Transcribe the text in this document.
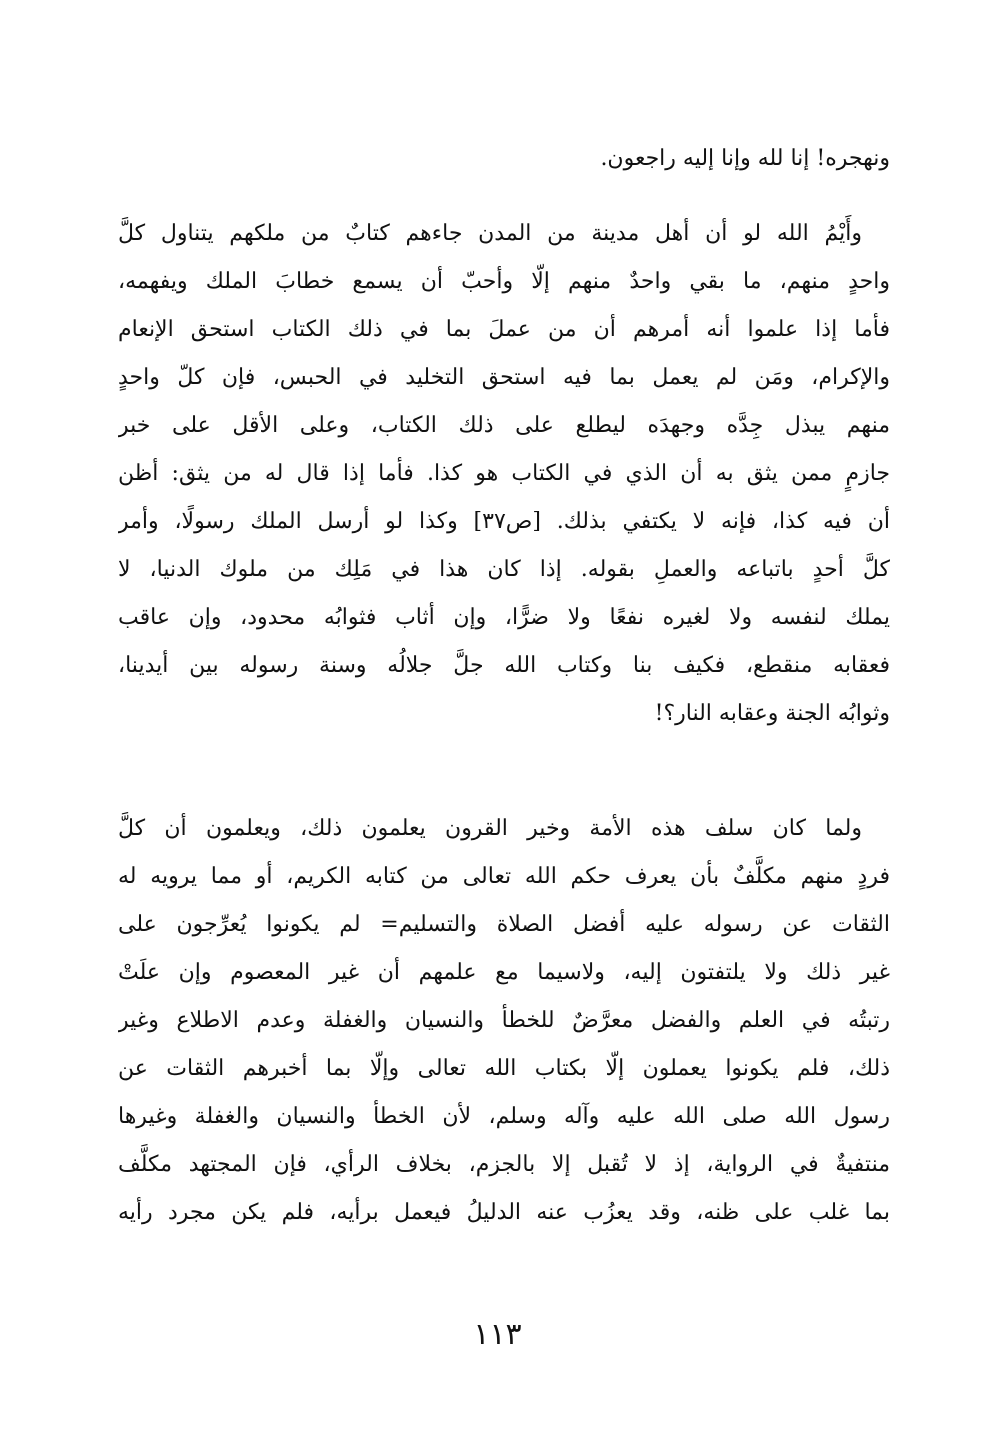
ونهجره! إنا لله وإنا إليه راجعون.
وأَيْمُ الله لو أن أهل مدينة من المدن جاءهم كتابٌ من ملكهم يتناول كلَّ
واحدٍ منهم، ما بقي واحدٌ منهم إلّا وأحبّ أن يسمع خطابَ الملك ويفهمه،
فأما إذا علموا أنه أمرهم أن من عملَ بما في ذلك الكتاب استحق الإنعام
والإكرام، ومَن لم يعمل بما فيه استحق التخليد في الحبس، فإن كلّ واحدٍ
منهم يبذل جِدَّه وجهدَه ليطلع على ذلك الكتاب، وعلى الأقل على خبر
جازمٍ ممن يثق به أن الذي في الكتاب هو كذا. فأما إذا قال له من يثق: أظن
أن فيه كذا، فإنه لا يكتفي بذلك. [ص٣٧] وكذا لو أرسل الملك رسولًا، وأمر
كلَّ أحدٍ باتباعه والعملِ بقوله. إذا كان هذا في مَلِك من ملوك الدنيا، لا
يملك لنفسه ولا لغيره نفعًا ولا ضرًّا، وإن أثاب فثوابُه محدود، وإن عاقب
فعقابه منقطع، فكيف بنا وكتاب الله جلَّ جلالُه وسنة رسوله بين أيدينا،
وثوابُه الجنة وعقابه النار؟!
ولما كان سلف هذه الأمة وخير القرون يعلمون ذلك، ويعلمون أن كلَّ
فردٍ منهم مكلَّفٌ بأن يعرف حكم الله تعالى من كتابه الكريم، أو مما يرويه له
الثقات عن رسوله عليه أفضل الصلاة والتسليم= لم يكونوا يُعرِّجون على
غير ذلك ولا يلتفتون إليه، ولاسيما مع علمهم أن غير المعصوم وإن علَتْ
رتبتُه في العلم والفضل معرَّضٌ للخطأ والنسيان والغفلة وعدم الاطلاع وغير
ذلك، فلم يكونوا يعملون إلّا بكتاب الله تعالى وإلّا بما أخبرهم الثقات عن
رسول الله صلى الله عليه وآله وسلم، لأن الخطأ والنسيان والغفلة وغيرها
منتفيةٌ في الرواية، إذ لا تُقبل إلا بالجزم، بخلاف الرأي، فإن المجتهد مكلَّف
بما غلب على ظنه، وقد يعزُب عنه الدليلُ فيعمل برأيه، فلم يكن مجرد رأيه
١١٣
